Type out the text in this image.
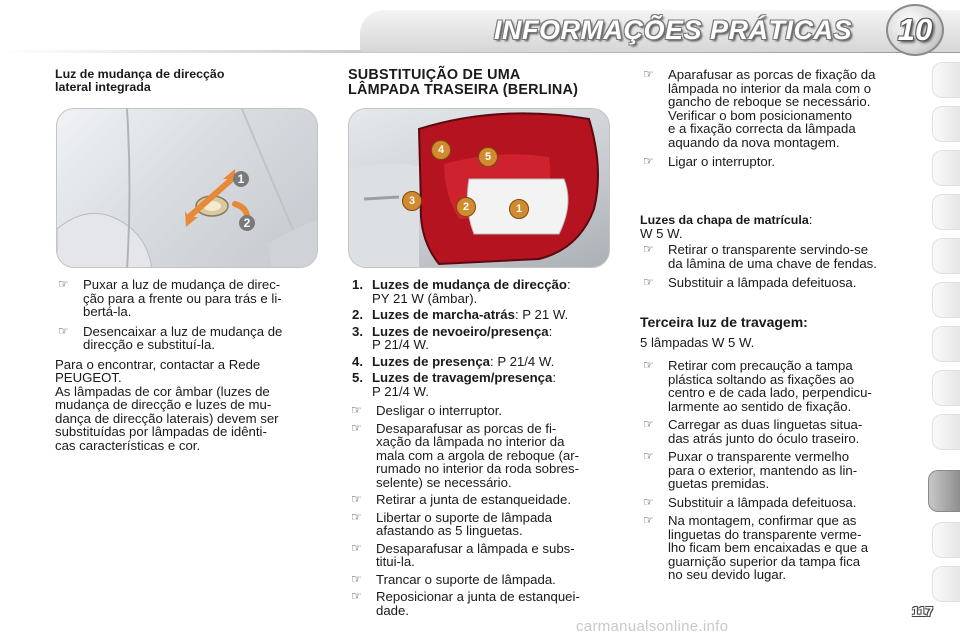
INFORMAÇÕES PRÁTICAS 10
Luz de mudança de direcção
lateral integrada
1
2
☞ Puxar a luz de mudança de direc-
ção para a frente ou para trás e li-
bertá-la.
☞ Desencaixar a luz de mudança de
direcção e substituí-la.
Para o encontrar, contactar a Rede
PEUGEOT.
As lâmpadas de cor âmbar (luzes de
mudança de direcção e luzes de mu-
dança de direcção laterais) devem ser
substituídas por lâmpadas de idênti-
cas características e cor.
SUBSTITUIÇÃO DE UMA
LÂMPADA TRASEIRA (BERLINA)
4
5
3	2	1
1. Luzes de mudança de direcção:
PY 21 W (âmbar).
2. Luzes de marcha-atrás: P 21 W.
3. Luzes de nevoeiro/presença:
P 21/4 W.
4. Luzes de presença: P 21/4 W.
5. Luzes de travagem/presença:
P 21/4 W.
☞ Desligar o interruptor.
☞ Desaparafusar as porcas de fi-
xação da lâmpada no interior da
mala com a argola de reboque (ar-
rumado no interior da roda sobres-
selente) se necessário.
☞ Retirar a junta de estanqueidade.
☞ Libertar o suporte de lâmpada
afastando as 5 linguetas.
☞ Desaparafusar a lâmpada e subs-
titui-la.
☞ Trancar o suporte de lâmpada.
☞ Reposicionar a junta de estanquei-
dade.
☞ Aparafusar as porcas de fixação da
lâmpada no interior da mala com o
gancho de reboque se necessário.
Verificar o bom posicionamento
e a fixação correcta da lâmpada
aquando da nova montagem.
☞ Ligar o interruptor.
Luzes da chapa de matrícula:
W 5 W.
☞ Retirar o transparente servindo-se
da lâmina de uma chave de fendas.
☞ Substituir a lâmpada defeituosa.
Terceira luz de travagem:
5 lâmpadas W 5 W.
☞ Retirar com precaução a tampa
plástica soltando as fixações ao
centro e de cada lado, perpendicu-
larmente ao sentido de fixação.
☞ Carregar as duas linguetas situa-
das atrás junto do óculo traseiro.
☞ Puxar o transparente vermelho
para o exterior, mantendo as lin-
guetas premidas.
☞ Substituir a lâmpada defeituosa.
☞ Na montagem, confirmar que as
linguetas do transparente verme-
lho ficam bem encaixadas e que a
guarnição superior da tampa fica
no seu devido lugar.
117
carmanualsonline.info
